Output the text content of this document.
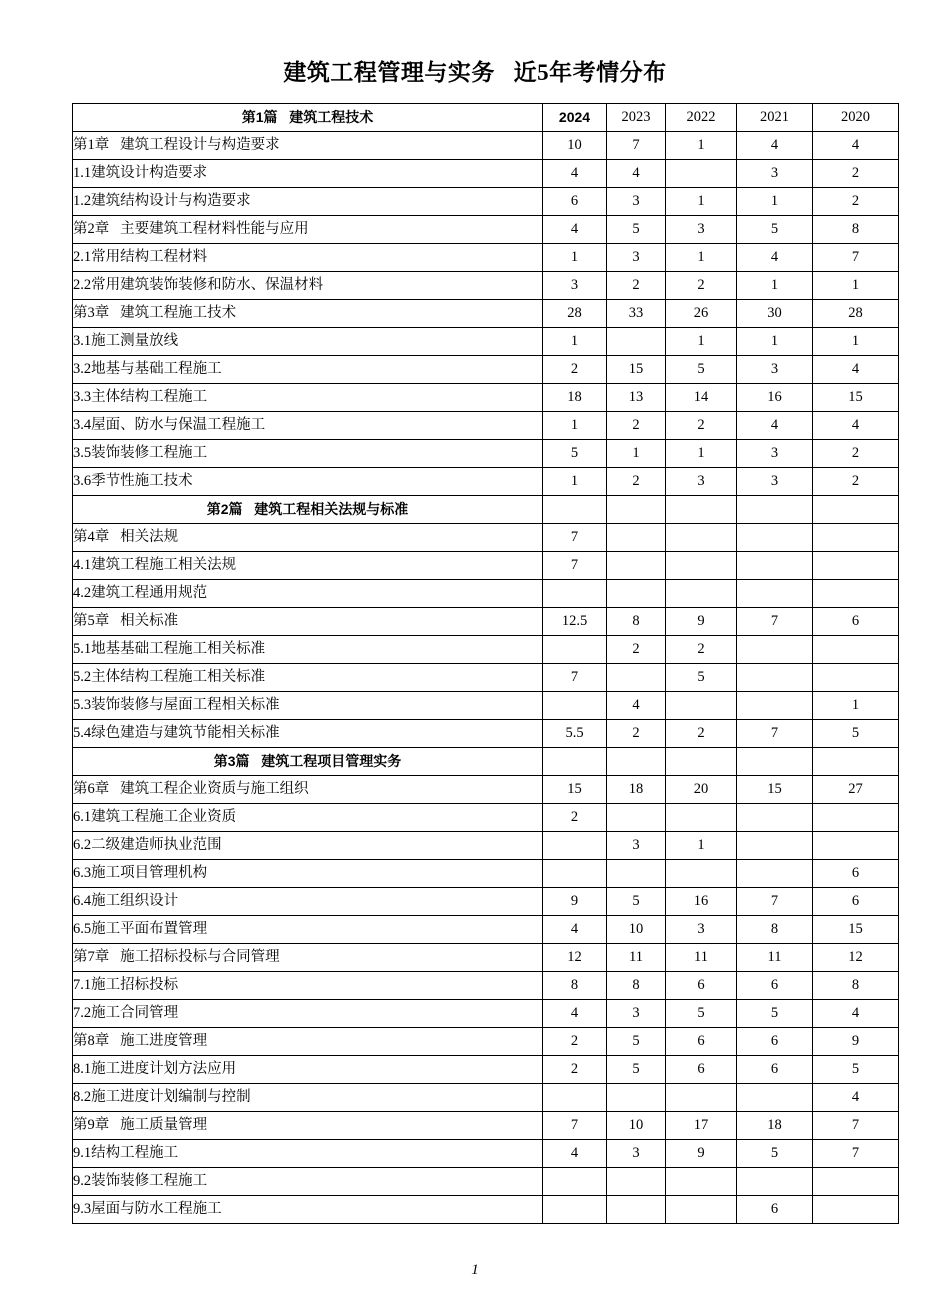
建筑工程管理与实务   近5年考情分布
第1篇   建筑工程技术	2024	2023	2022	2021	2020
第1章   建筑工程设计与构造要求	10	7	1	4	4
1.1建筑设计构造要求	4	4		3	2
1.2建筑结构设计与构造要求	6	3	1	1	2
第2章   主要建筑工程材料性能与应用	4	5	3	5	8
2.1常用结构工程材料	1	3	1	4	7
2.2常用建筑装饰装修和防水、保温材料	3	2	2	1	1
第3章   建筑工程施工技术	28	33	26	30	28
3.1施工测量放线	1		1	1	1
3.2地基与基础工程施工	2	15	5	3	4
3.3主体结构工程施工	18	13	14	16	15
3.4屋面、防水与保温工程施工	1	2	2	4	4
3.5装饰装修工程施工	5	1	1	3	2
3.6季节性施工技术	1	2	3	3	2
第2篇   建筑工程相关法规与标准					
第4章   相关法规	7				
4.1建筑工程施工相关法规	7				
4.2建筑工程通用规范					
第5章   相关标准	12.5	8	9	7	6
5.1地基基础工程施工相关标准		2	2		
5.2主体结构工程施工相关标准	7		5		
5.3装饰装修与屋面工程相关标准		4			1
5.4绿色建造与建筑节能相关标准	5.5	2	2	7	5
第3篇   建筑工程项目管理实务					
第6章   建筑工程企业资质与施工组织	15	18	20	15	27
6.1建筑工程施工企业资质	2				
6.2二级建造师执业范围		3	1		
6.3施工项目管理机构					6
6.4施工组织设计	9	5	16	7	6
6.5施工平面布置管理	4	10	3	8	15
第7章   施工招标投标与合同管理	12	11	11	11	12
7.1施工招标投标	8	8	6	6	8
7.2施工合同管理	4	3	5	5	4
第8章   施工进度管理	2	5	6	6	9
8.1施工进度计划方法应用	2	5	6	6	5
8.2施工进度计划编制与控制					4
第9章   施工质量管理	7	10	17	18	7
9.1结构工程施工	4	3	9	5	7
9.2装饰装修工程施工					
9.3屋面与防水工程施工				6	
1
